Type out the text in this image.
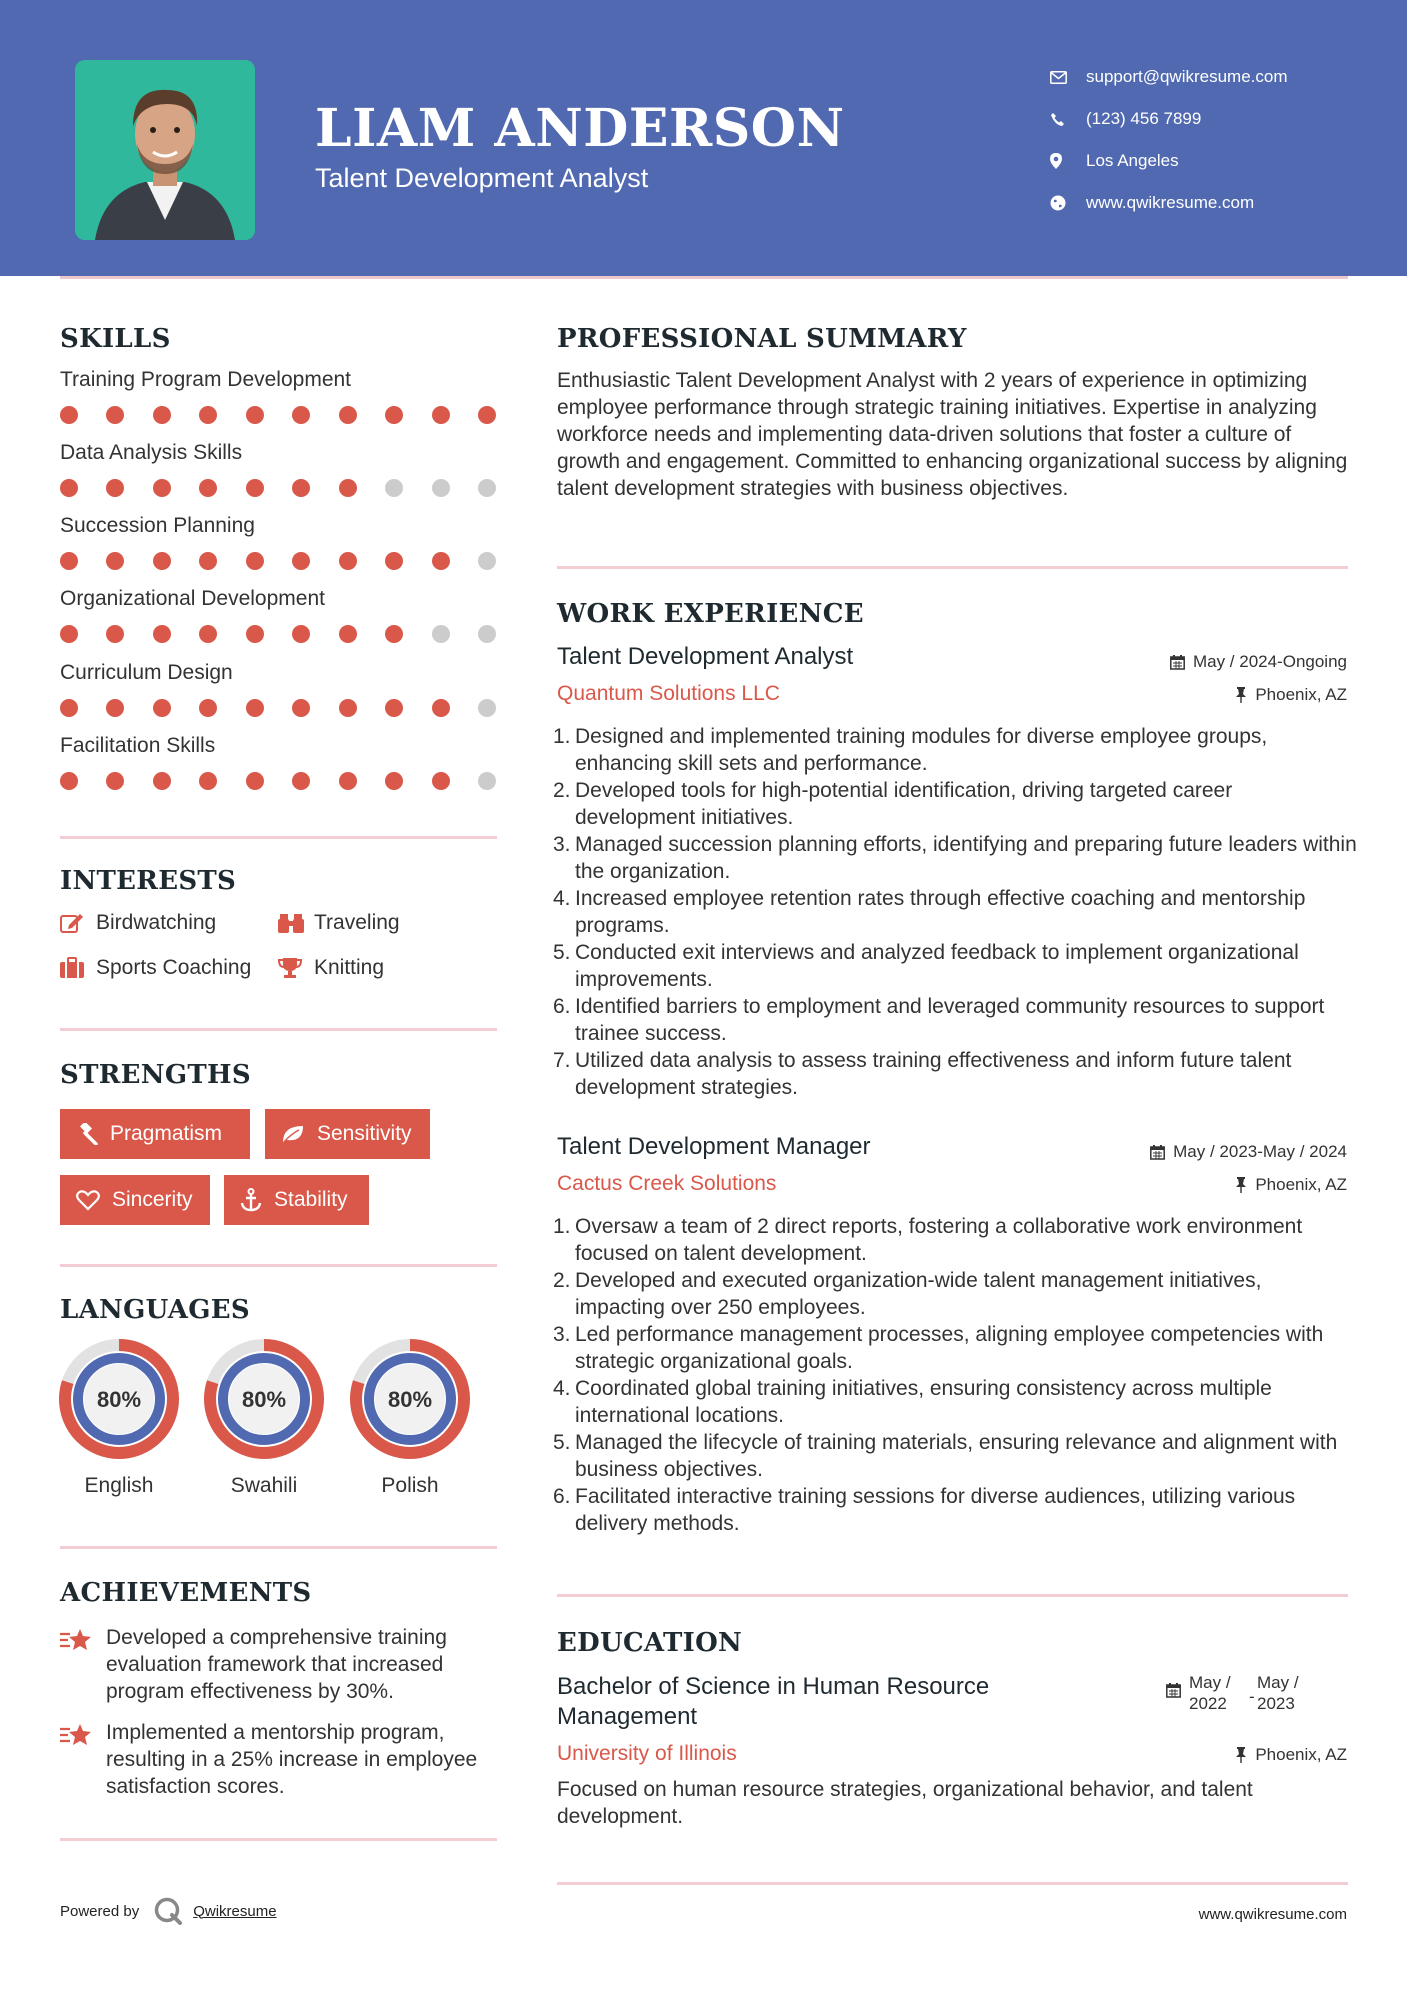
LIAM ANDERSON
Talent Development Analyst
support@qwikresume.com
(123) 456 7899
Los Angeles
www.qwikresume.com
SKILLS
Training Program Development
Data Analysis Skills
Succession Planning
Organizational Development
Curriculum Design
Facilitation Skills
INTERESTS
Birdwatching	Traveling
Sports Coaching	Knitting
STRENGTHS
Pragmatism	Sensitivity
Sincerity	Stability
LANGUAGES
80%
English
80%
Swahili
80%
Polish
ACHIEVEMENTS
Developed a comprehensive training evaluation framework that increased program effectiveness by 30%.
Implemented a mentorship program, resulting in a 25% increase in employee satisfaction scores.
PROFESSIONAL SUMMARY
Enthusiastic Talent Development Analyst with 2 years of experience in optimizing employee performance through strategic training initiatives. Expertise in analyzing workforce needs and implementing data-driven solutions that foster a culture of growth and engagement. Committed to enhancing organizational success by aligning talent development strategies with business objectives.
WORK EXPERIENCE
Talent Development Analyst	May / 2024-Ongoing
Quantum Solutions LLC	Phoenix, AZ
1. Designed and implemented training modules for diverse employee groups, enhancing skill sets and performance.
2. Developed tools for high-potential identification, driving targeted career development initiatives.
3. Managed succession planning efforts, identifying and preparing future leaders within the organization.
4. Increased employee retention rates through effective coaching and mentorship programs.
5. Conducted exit interviews and analyzed feedback to implement organizational improvements.
6. Identified barriers to employment and leveraged community resources to support trainee success.
7. Utilized data analysis to assess training effectiveness and inform future talent development strategies.
Talent Development Manager	May / 2023-May / 2024
Cactus Creek Solutions	Phoenix, AZ
1. Oversaw a team of 2 direct reports, fostering a collaborative work environment focused on talent development.
2. Developed and executed organization-wide talent management initiatives, impacting over 250 employees.
3. Led performance management processes, aligning employee competencies with strategic organizational goals.
4. Coordinated global training initiatives, ensuring consistency across multiple international locations.
5. Managed the lifecycle of training materials, ensuring relevance and alignment with business objectives.
6. Facilitated interactive training sessions for diverse audiences, utilizing various delivery methods.
EDUCATION
Bachelor of Science in Human Resource Management
May / 2022	-
May / 2023
University of Illinois	Phoenix, AZ
Focused on human resource strategies, organizational behavior, and talent development.
Powered by	Qwikresume	www.qwikresume.com
